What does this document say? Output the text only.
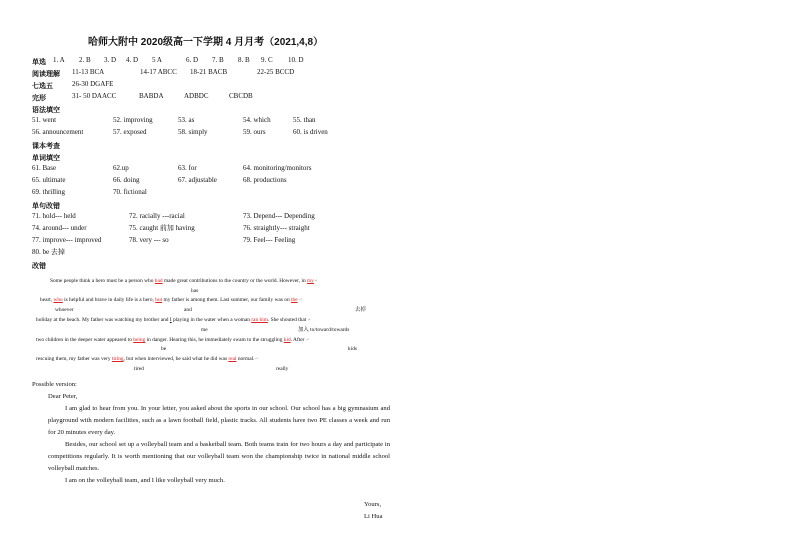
哈师大附中 2020级高一下学期 4 月月考（2021,4,8）
单选 1. A 2. B 3. D 4. D 5 A	6. D 7. B 8. B 9. C 10. D
阅读理解 11-13 BCA	14-17 ABCC 18-21 BACB	22-25 BCCD
七选五	26-30 DGAFE
完形	31- 50 DAACC	BABDA	ADBDC	CBCDB
语法填空
51. went	52. improving	53. as	54. which	55. than
56. announcement	57. exposed	58. simply	59. ours	60. is driven
课本考查
单词填空
61. Base	62.up	63. for	64. monitoring/monitors
65. ultimate	66. doing	67. adjustable	68. productions
69. thrilling	70. fictional
单句改错
71. hold--- held	72. racially ---racial	73. Depend--- Depending
74. around--- under	75. caught 前加 having	76. straightly--- straight
77. improve--- improved	78. very --- so	79. Feel--- Feeling
80. be 去掉
改错
Some people think a hero must be a person who had made great contributions to the country or the world. However, in my↵
has
heart, who is helpful and brave in daily life is a hero, but my father is among them. Last summer, our family was on the ↵
whoever	and	去掉
holiday at the beach. My father was watching my brother and I playing in the water when a woman ran him. She shouted that ↵
me	加入 to/toward/towards
two children in the deeper water appeared to being in danger. Hearing this, he immediately swam to the struggling kid. After ↵
be	kids
rescuing them, my father was very tiring, but when interviewed, he said what he did was real normal.↵
tired	really
Possible version:
Dear Peter,
I am glad to hear from you. In your letter, you asked about the sports in our school. Our school has a big gymnasium and playground with modern facilities, such as a lawn football field, plastic tracks. All students have two PE classes a week and run for 20 minutes every day.
Besides, our school set up a volleyball team and a basketball team. Both teams train for two hours a day and participate in competitions regularly. It is worth mentioning that our volleyball team won the championship twice in national middle school volleyball matches.
I am on the volleyball team, and I like volleyball very much.
Yours,
Li Hua
